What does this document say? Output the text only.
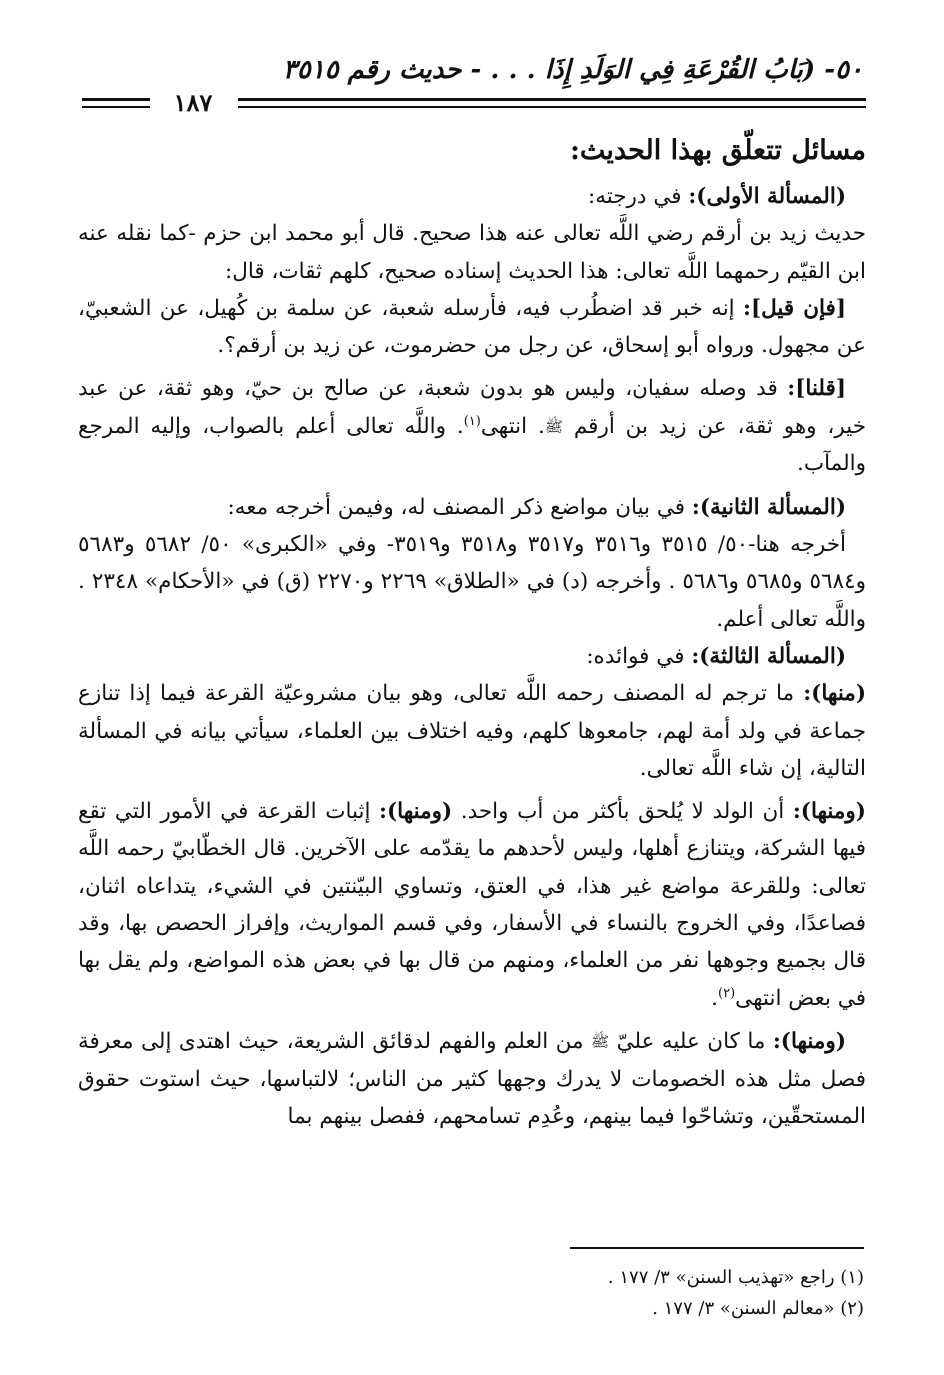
٥٠- (بَابُ القُرْعَةِ فِي الوَلَدِ إِذَا . . . - حديث رقم ٣٥١٥
١٨٧
مسائل تتعلّق بهذا الحديث:

(المسألة الأولى): في درجته:

حديث زيد بن أرقم رضي اللَّه تعالى عنه هذا صحيح. قال أبو محمد ابن حزم -كما نقله عنه ابن القيّم رحمهما اللَّه تعالى: هذا الحديث إسناده صحيح، كلهم ثقات، قال:

[فإن قيل]: إنه خبر قد اضطُرب فيه، فأرسله شعبة، عن سلمة بن كُهيل، عن الشعبيّ، عن مجهول. ورواه أبو إسحاق، عن رجل من حضرموت، عن زيد بن أرقم؟.

[قلنا]: قد وصله سفيان، وليس هو بدون شعبة، عن صالح بن حيّ، وهو ثقة، عن عبد خير، وهو ثقة، عن زيد بن أرقم ﷺ. انتهى$^{(١)}$. واللَّه تعالى أعلم بالصواب، وإليه المرجع والمآب.

(المسألة الثانية): في بيان مواضع ذكر المصنف له، وفيمن أخرجه معه:

أخرجه هنا-٥٠/ ٣٥١٥ و٣٥١٦ و٣٥١٧ و٣٥١٨ و٣٥١٩- وفي «الكبرى» ٥٠/ ٥٦٨٢ و٥٦٨٣ و٥٦٨٤ و٥٦٨٥ و٥٦٨٦ . وأخرجه (د) في «الطلاق» ٢٢٦٩ و٢٢٧٠ (ق) في «الأحكام» ٢٣٤٨ . واللَّه تعالى أعلم.

(المسألة الثالثة): في فوائده:

(منها): ما ترجم له المصنف رحمه اللَّه تعالى، وهو بيان مشروعيّة القرعة فيما إذا تنازع جماعة في ولد أمة لهم، جامعوها كلهم، وفيه اختلاف بين العلماء، سيأتي بيانه في المسألة التالية، إن شاء اللَّه تعالى.

(ومنها): أن الولد لا يُلحق بأكثر من أب واحد. (ومنها): إثبات القرعة في الأمور التي تقع فيها الشركة، ويتنازع أهلها، وليس لأحدهم ما يقدّمه على الآخرين. قال الخطّابيّ رحمه اللَّه تعالى: وللقرعة مواضع غير هذا، في العتق، وتساوي البيّنتين في الشيء، يتداعاه اثنان، فصاعدًا، وفي الخروج بالنساء في الأسفار، وفي قسم المواريث، وإفراز الحصص بها، وقد قال بجميع وجوهها نفر من العلماء، ومنهم من قال بها في بعض هذه المواضع، ولم يقل بها في بعض انتهى$^{(٢)}$.

(ومنها): ما كان عليه عليّ ﷺ من العلم والفهم لدقائق الشريعة، حيث اهتدى إلى معرفة فصل مثل هذه الخصومات لا يدرك وجهها كثير من الناس؛ لالتباسها، حيث استوت حقوق المستحقّين، وتشاحّوا فيما بينهم، وعُدِم تسامحهم، ففصل بينهم بما

(١) راجع «تهذيب السنن» ٣/ ١٧٧ .

(٢) «معالم السنن» ٣/ ١٧٧ .
